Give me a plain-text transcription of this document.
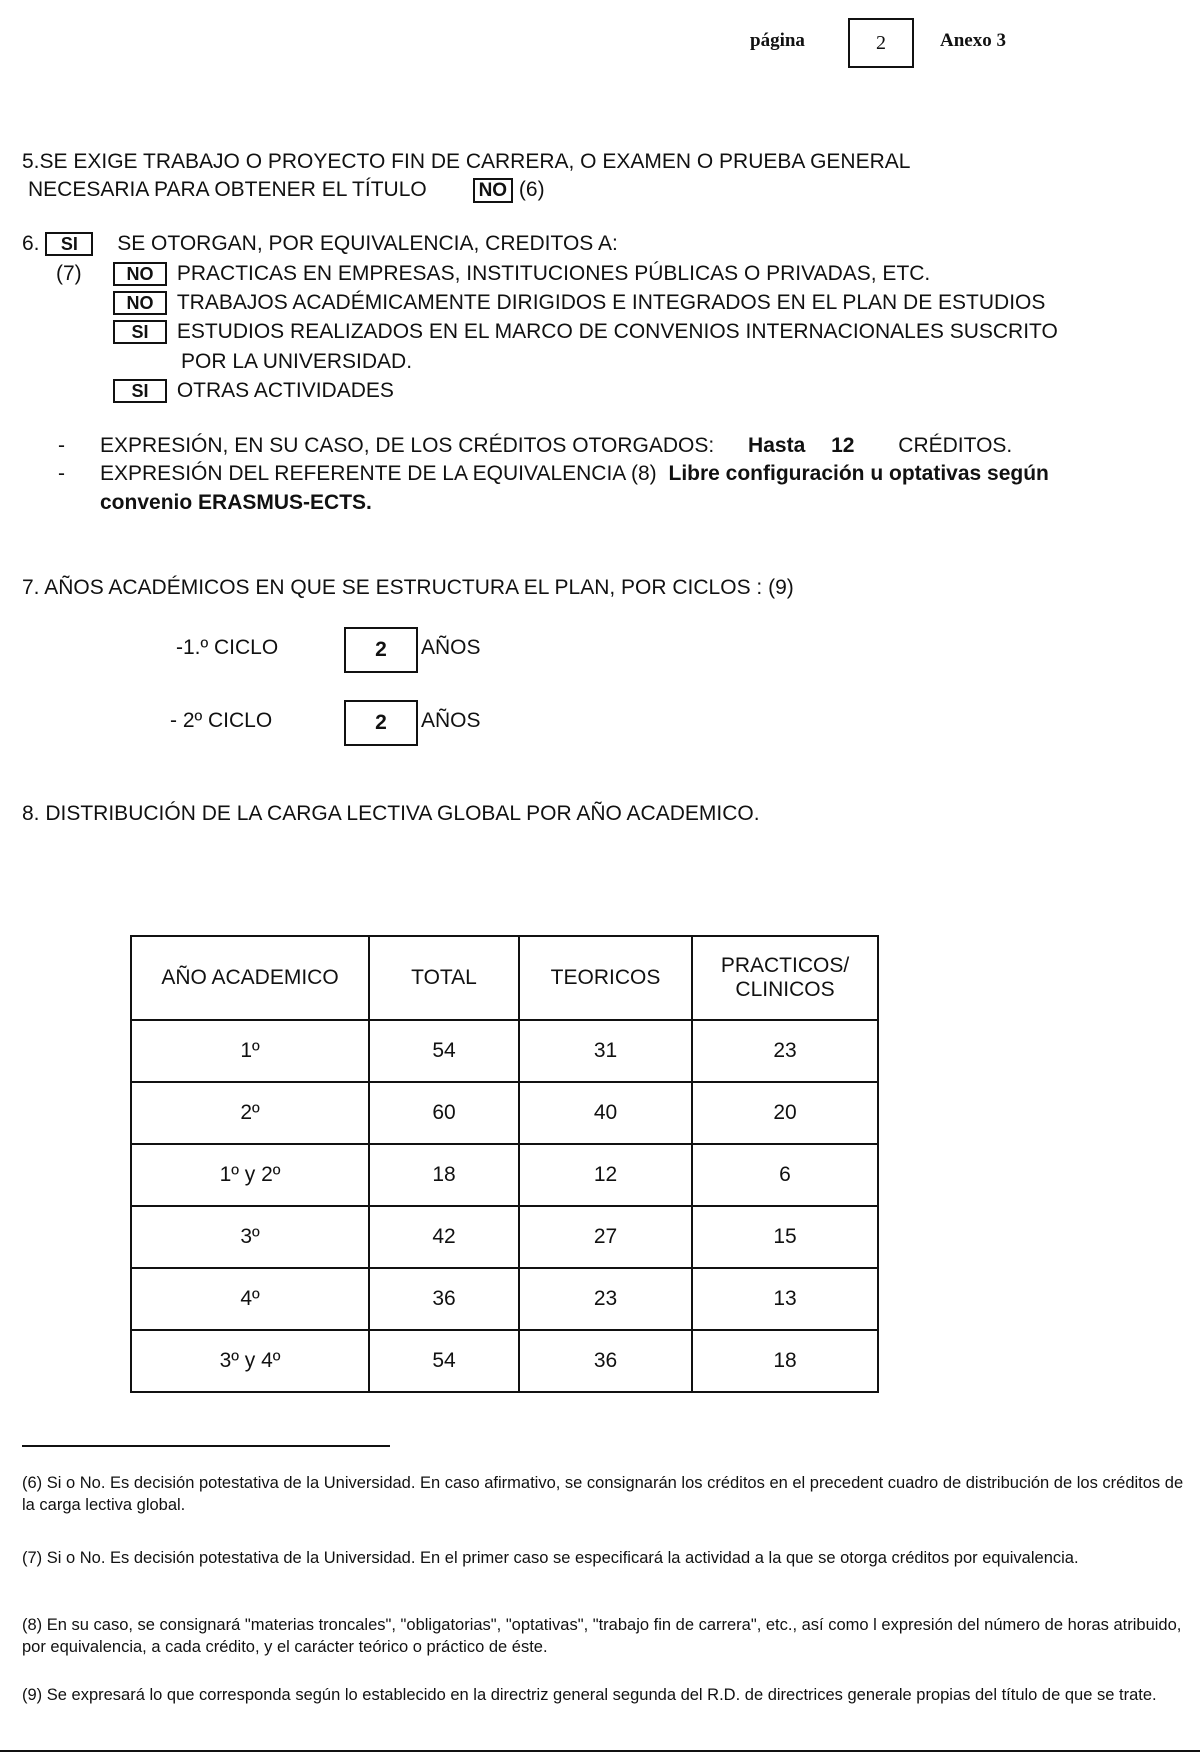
página	2	Anexo 3
5.SE EXIGE TRABAJO O PROYECTO FIN DE CARRERA, O EXAMEN O PRUEBA GENERAL
NECESARIA PARA OBTENER EL TÍTULO	NO (6)
6. SI SE OTORGAN, POR EQUIVALENCIA, CREDITOS A:
(7)	NO PRACTICAS EN EMPRESAS, INSTITUCIONES PÚBLICAS O PRIVADAS, ETC.
NO TRABAJOS ACADÉMICAMENTE DIRIGIDOS E INTEGRADOS EN EL PLAN DE ESTUDIOS
SI ESTUDIOS REALIZADOS EN EL MARCO DE CONVENIOS INTERNACIONALES SUSCRITO
POR LA UNIVERSIDAD.
SI OTRAS ACTIVIDADES
- EXPRESIÓN, EN SU CASO, DE LOS CRÉDITOS OTORGADOS: Hasta 12 CRÉDITOS.
- EXPRESIÓN DEL REFERENTE DE LA EQUIVALENCIA (8) Libre configuración u optativas según
convenio ERASMUS-ECTS.
7. AÑOS ACADÉMICOS EN QUE SE ESTRUCTURA EL PLAN, POR CICLOS : (9)
-1.º CICLO	2 AÑOS
- 2º CICLO	2 AÑOS
8. DISTRIBUCIÓN DE LA CARGA LECTIVA GLOBAL POR AÑO ACADEMICO.
AÑO ACADEMICO	TOTAL	TEORICOS	PRACTICOS/
CLINICOS
1º	54	31	23
2º	60	40	20
1º y 2º	18	12	6
3º	42	27	15
4º	36	23	13
3º y 4º	54	36	18
(6) Si o No. Es decisión potestativa de la Universidad. En caso afirmativo, se consignarán los créditos en el precedent cuadro de distribución de los créditos de la carga lectiva global.
(7) Si o No. Es decisión potestativa de la Universidad. En el primer caso se especificará la actividad a la que se otorga créditos por equivalencia.
(8) En su caso, se consignará "materias troncales", "obligatorias", "optativas", "trabajo fin de carrera", etc., así como l expresión del número de horas atribuido, por equivalencia, a cada crédito, y el carácter teórico o práctico de éste.
(9) Se expresará lo que corresponda según lo establecido en la directriz general segunda del R.D. de directrices generale propias del título de que se trate.
